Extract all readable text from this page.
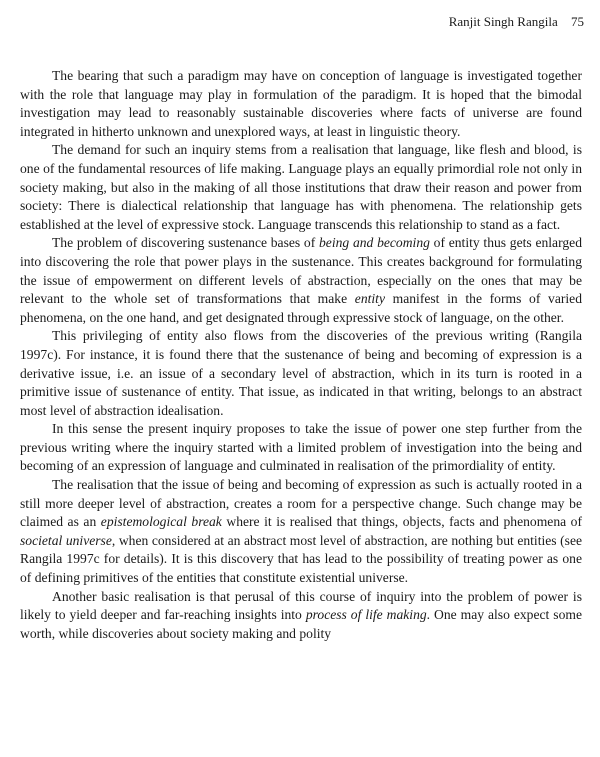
Ranjit Singh Rangila 75

The bearing that such a paradigm may have on conception of language is investigated together with the role that language may play in formulation of the paradigm. It is hoped that the bimodal investigation may lead to reasonably sustainable discoveries where facts of universe are found integrated in hitherto unknown and unexplored ways, at least in linguistic theory.

The demand for such an inquiry stems from a realisation that language, like flesh and blood, is one of the fundamental resources of life making. Language plays an equally primordial role not only in society making, but also in the making of all those institutions that draw their reason and power from society: There is dialectical relationship that language has with phenomena. The relationship gets established at the level of expressive stock. Language transcends this relationship to stand as a fact.

The problem of discovering sustenance bases of being and becoming of entity thus gets enlarged into discovering the role that power plays in the sustenance. This creates background for formulating the issue of empowerment on different levels of abstraction, especially on the ones that may be relevant to the whole set of transformations that make entity manifest in the forms of varied phenomena, on the one hand, and get designated through expressive stock of language, on the other.

This privileging of entity also flows from the discoveries of the previous writing (Rangila 1997c). For instance, it is found there that the sustenance of being and becoming of expression is a derivative issue, i.e. an issue of a secondary level of abstraction, which in its turn is rooted in a primitive issue of sustenance of entity. That issue, as indicated in that writing, belongs to an abstract most level of abstraction idealisation.

In this sense the present inquiry proposes to take the issue of power one step further from the previous writing where the inquiry started with a limited problem of investigation into the being and becoming of an expression of language and culminated in realisation of the primordiality of entity.

The realisation that the issue of being and becoming of expression as such is actually rooted in a still more deeper level of abstraction, creates a room for a perspective change. Such change may be claimed as an epistemological break where it is realised that things, objects, facts and phenomena of societal universe, when considered at an abstract most level of abstraction, are nothing but entities (see Rangila 1997c for details). It is this discovery that has lead to the possibility of treating power as one of defining primitives of the entities that constitute existential universe.

Another basic realisation is that perusal of this course of inquiry into the problem of power is likely to yield deeper and far-reaching insights into process of life making. One may also expect some worth, while discoveries about society making and polity
